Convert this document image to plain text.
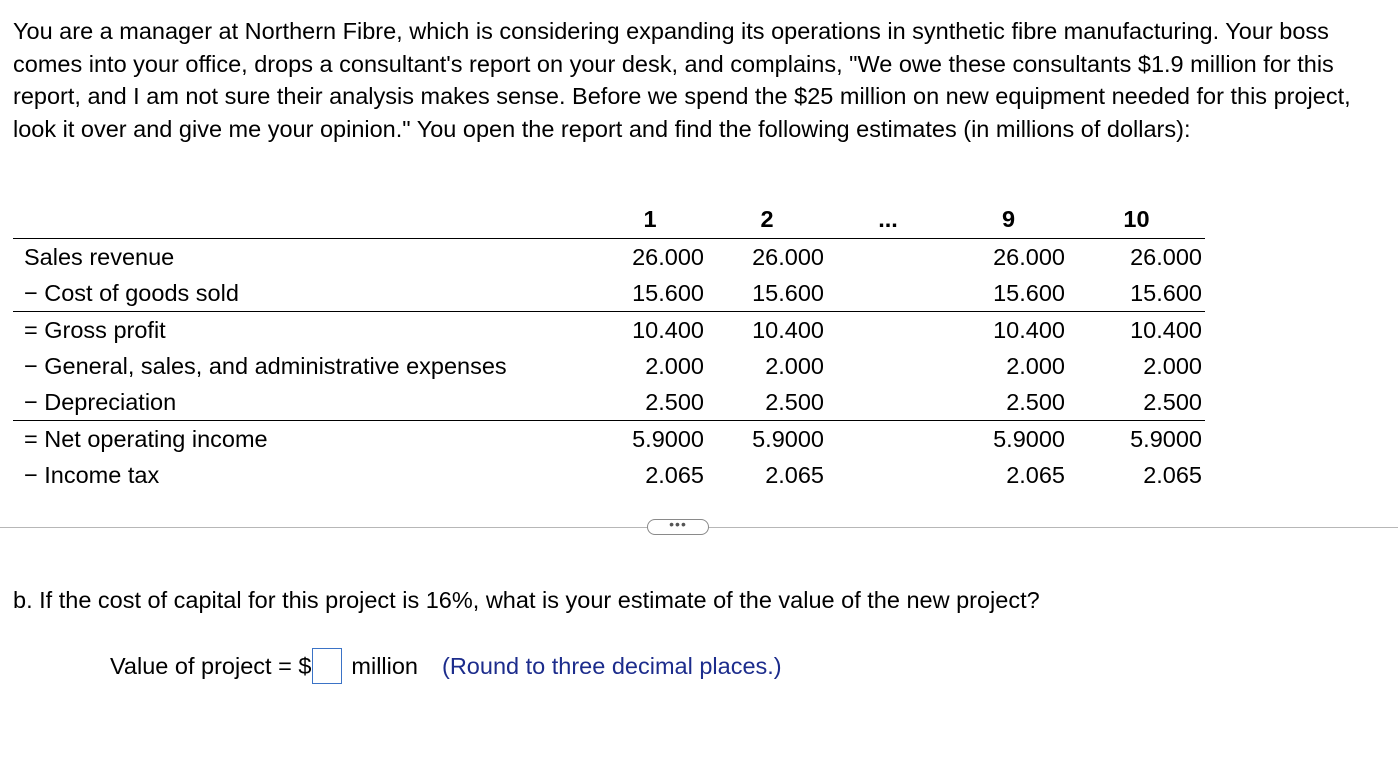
You are a manager at Northern Fibre, which is considering expanding its operations in synthetic fibre manufacturing. Your boss comes into your office, drops a consultant's report on your desk, and complains, "We owe these consultants $1.9 million for this report, and I am not sure their analysis makes sense. Before we spend the $25 million on new equipment needed for this project, look it over and give me your opinion." You open the report and find the following estimates (in millions of dollars):
	1	2	...	9	10
Sales revenue	26.000	26.000		26.000	26.000
− Cost of goods sold	15.600	15.600		15.600	15.600
= Gross profit	10.400	10.400		10.400	10.400
− General, sales, and administrative expenses	2.000	2.000		2.000	2.000
− Depreciation	2.500	2.500		2.500	2.500
= Net operating income	5.9000	5.9000		5.9000	5.9000
− Income tax	2.065	2.065		2.065	2.065
•••
b. If the cost of capital for this project is 16%, what is your estimate of the value of the new project?
Value of project = $ million (Round to three decimal places.)
